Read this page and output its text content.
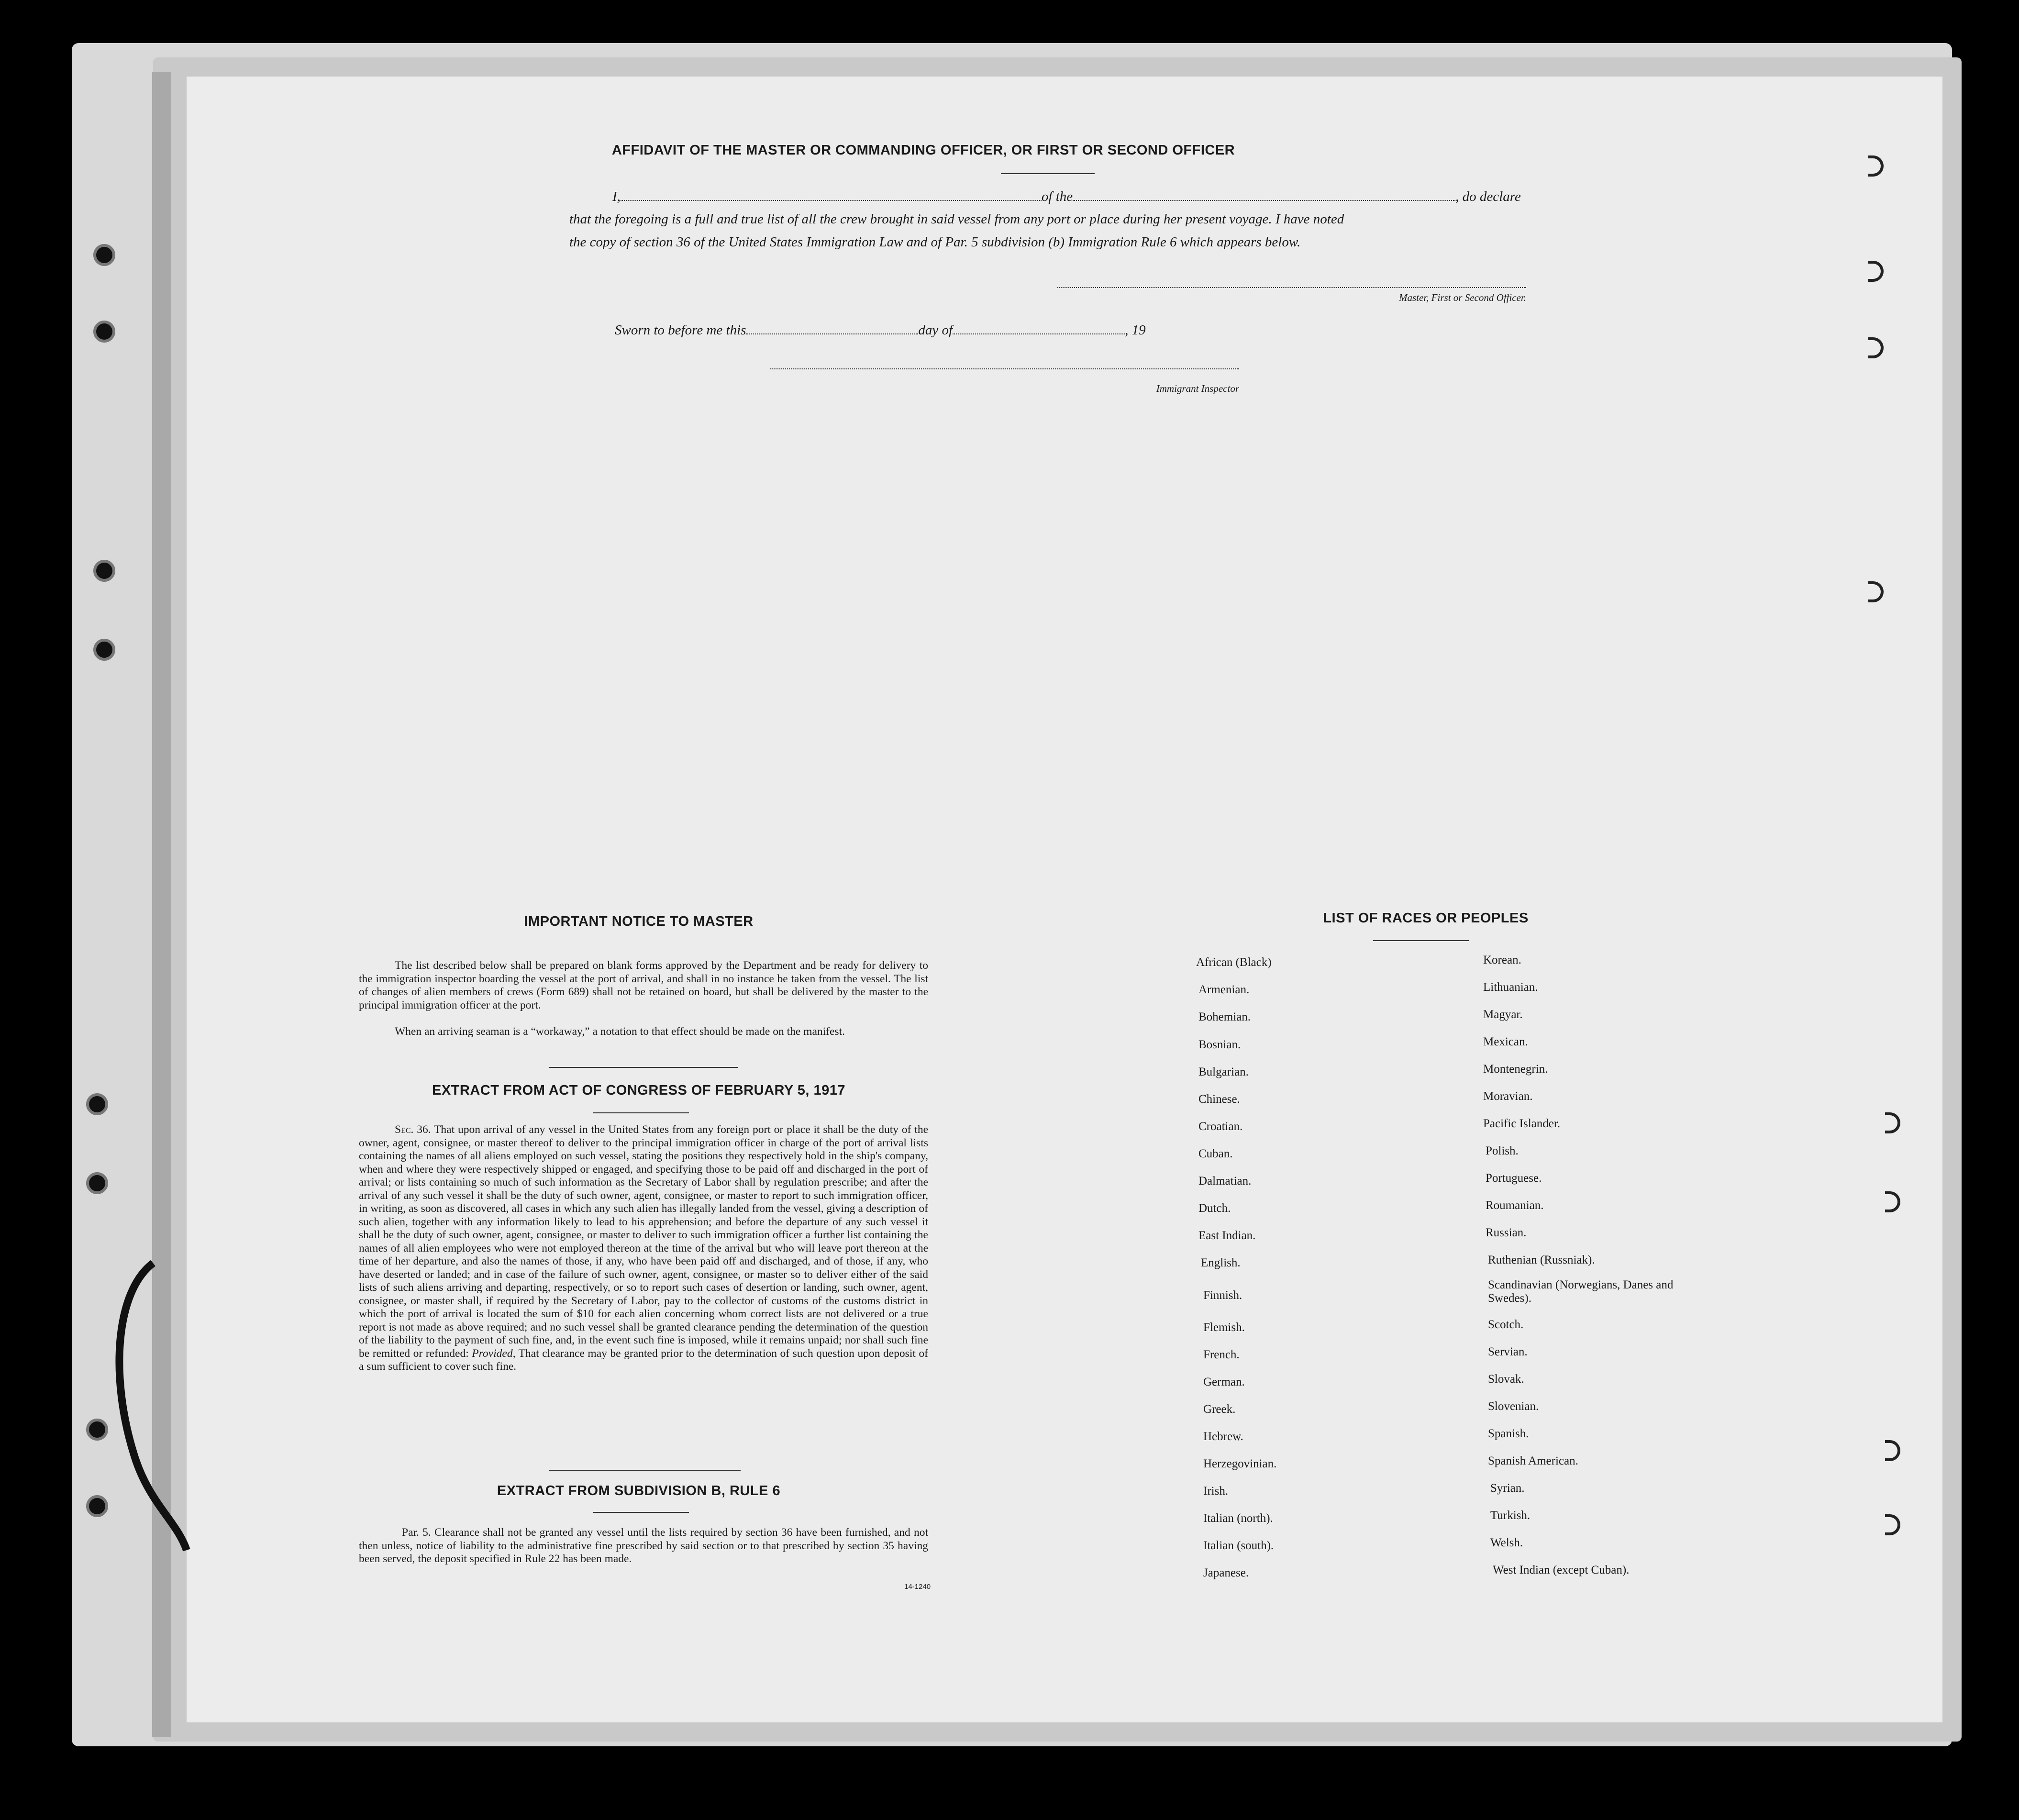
AFFIDAVIT OF THE MASTER OR COMMANDING OFFICER, OR FIRST OR SECOND OFFICER
I,	of the	, do declare
that the foregoing is a full and true list of all the crew brought in said vessel from any port or place during her present voyage. I have noted
the copy of section 36 of the United States Immigration Law and of Par. 5 subdivision (b) Immigration Rule 6 which appears below.
Master, First or Second Officer.
Sworn to before me this	day of	, 19
Immigrant Inspector
IMPORTANT NOTICE TO MASTER
The list described below shall be prepared on blank forms approved by the Department and be ready for delivery to the immigration inspector boarding the vessel at the port of arrival, and shall in no instance be taken from the vessel. The list of changes of alien members of crews (Form 689) shall not be retained on board, but shall be delivered by the master to the principal immigration officer at the port.
When an arriving seaman is a “workaway,” a notation to that effect should be made on the manifest.
EXTRACT FROM ACT OF CONGRESS OF FEBRUARY 5, 1917
Sec. 36. That upon arrival of any vessel in the United States from any foreign port or place it shall be the duty of the owner, agent, consignee, or master thereof to deliver to the principal immigration officer in charge of the port of arrival lists containing the names of all aliens employed on such vessel, stating the positions they respectively hold in the ship's company, when and where they were respectively shipped or engaged, and specifying those to be paid off and discharged in the port of arrival; or lists containing so much of such information as the Secretary of Labor shall by regulation prescribe; and after the arrival of any such vessel it shall be the duty of such owner, agent, consignee, or master to report to such immigration officer, in writing, as soon as discovered, all cases in which any such alien has illegally landed from the vessel, giving a description of such alien, together with any information likely to lead to his apprehension; and before the departure of any such vessel it shall be the duty of such owner, agent, consignee, or master to deliver to such immigration officer a further list containing the names of all alien employees who were not employed thereon at the time of the arrival but who will leave port thereon at the time of her departure, and also the names of those, if any, who have been paid off and discharged, and of those, if any, who have deserted or landed; and in case of the failure of such owner, agent, consignee, or master so to deliver either of the said lists of such aliens arriving and departing, respectively, or so to report such cases of desertion or landing, such owner, agent, consignee, or master shall, if required by the Secretary of Labor, pay to the collector of customs of the customs district in which the port of arrival is located the sum of $10 for each alien concerning whom correct lists are not delivered or a true report is not made as above required; and no such vessel shall be granted clearance pending the determination of the question of the liability to the payment of such fine, and, in the event such fine is imposed, while it remains unpaid; nor shall such fine be remitted or refunded: Provided, That clearance may be granted prior to the determination of such question upon deposit of a sum sufficient to cover such fine.
EXTRACT FROM SUBDIVISION B, RULE 6
Par. 5. Clearance shall not be granted any vessel until the lists required by section 36 have been furnished, and not then unless, notice of liability to the administrative fine prescribed by said section or to that prescribed by section 35 having been served, the deposit specified in Rule 22 has been made.
14-1240
LIST OF RACES OR PEOPLES
African (Black)
Armenian.
Bohemian.
Bosnian.
Bulgarian.
Chinese.
Croatian.
Cuban.
Dalmatian.
Dutch.
East Indian.
English.
Finnish.
Flemish.
French.
German.
Greek.
Hebrew.
Herzegovinian.
Irish.
Italian (north).
Italian (south).
Japanese.
Korean.
Lithuanian.
Magyar.
Mexican.
Montenegrin.
Moravian.
Pacific Islander.
Polish.
Portuguese.
Roumanian.
Russian.
Ruthenian (Russniak).
Scandinavian (Norwegians, Danes and Swedes).
Scotch.
Servian.
Slovak.
Slovenian.
Spanish.
Spanish American.
Syrian.
Turkish.
Welsh.
West Indian (except Cuban).
